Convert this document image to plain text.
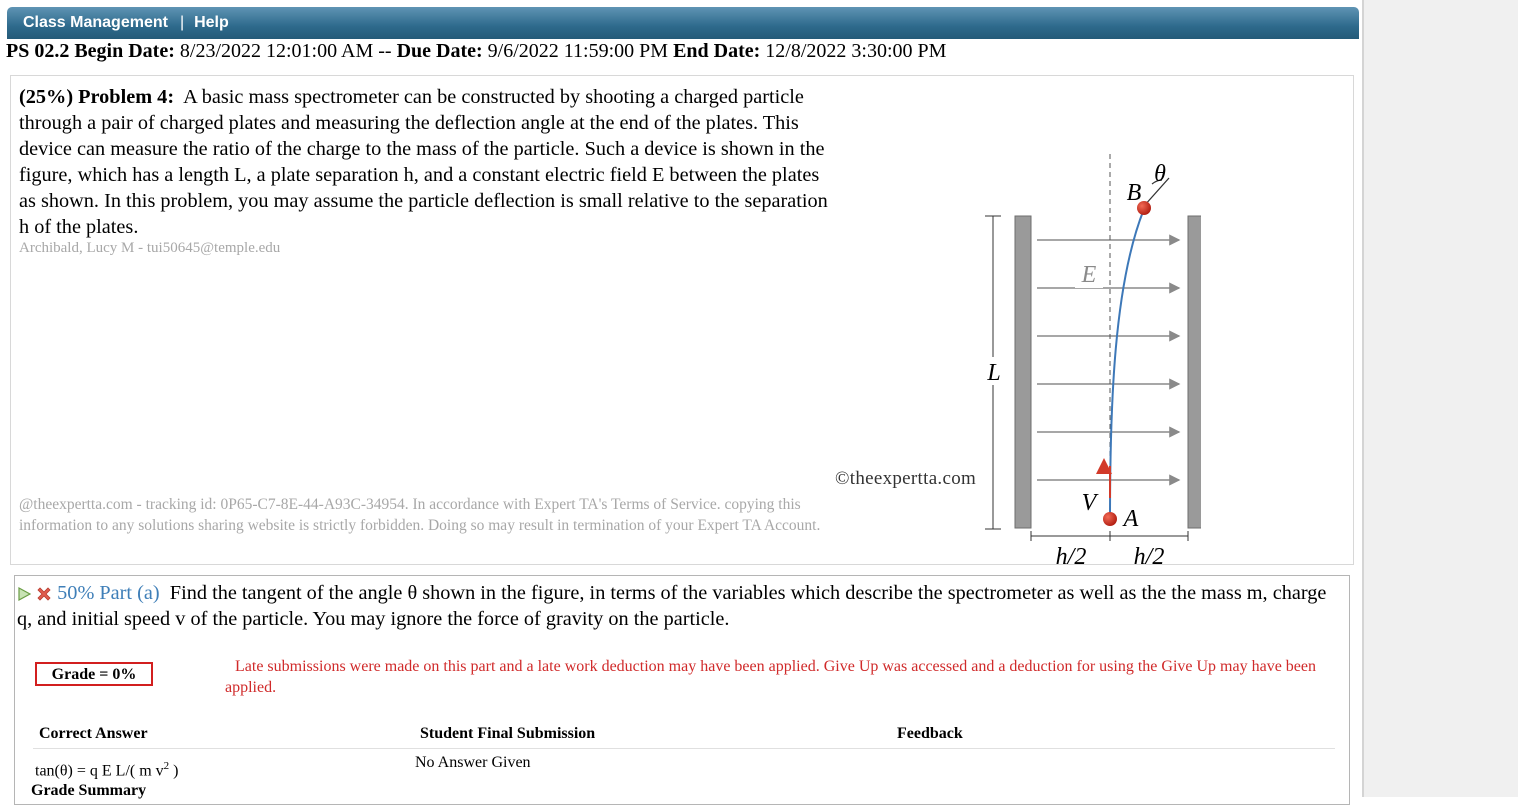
Class Management | Help
PS 02.2 Begin Date: 8/23/2022 12:01:00 AM -- Due Date: 9/6/2022 11:59:00 PM End Date: 12/8/2022 3:30:00 PM
(25%) Problem 4: A basic mass spectrometer can be constructed by shooting a charged particle through a pair of charged plates and measuring the deflection angle at the end of the plates. This device can measure the ratio of the charge to the mass of the particle. Such a device is shown in the figure, which has a length L, a plate separation h, and a constant electric field E between the plates as shown. In this problem, you may assume the particle deflection is small relative to the separation h of the plates.
Archibald, Lucy M - tui50645@temple.edu
@theexpertta.com - tracking id: 0P65-C7-8E-44-A93C-34954. In accordance with Expert TA's Terms of Service. copying this information to any solutions sharing website is strictly forbidden. Doing so may result in termination of your Expert TA Account.
©theexpertta.com
L
E
V
A
B
θ
h/2 h/2
50% Part (a) Find the tangent of the angle θ shown in the figure, in terms of the variables which describe the spectrometer as well as the the mass m, charge q, and initial speed v of the particle. You may ignore the force of gravity on the particle.
Grade = 0%	Late submissions were made on this part and a late work deduction may have been applied. Give Up was accessed and a deduction for using the Give Up may have been applied.
Correct Answer	Student Final Submission	Feedback
tan(θ) = q E L/( m $v^2$ )	No Answer Given
Grade Summary
